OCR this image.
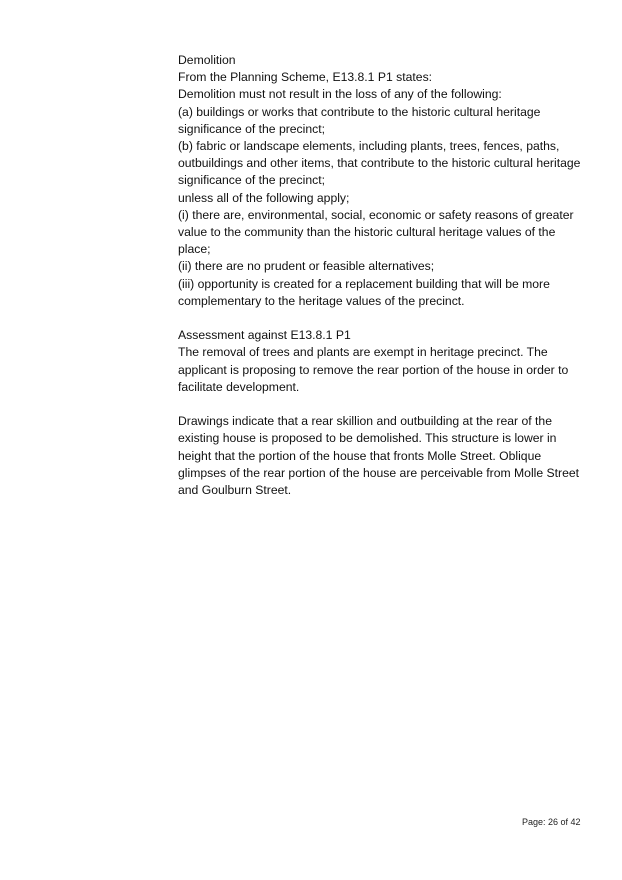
Demolition

From the Planning Scheme, E13.8.1 P1 states:

Demolition must not result in the loss of any of the following:

(a) buildings or works that contribute to the historic cultural heritage significance of the precinct;

(b) fabric or landscape elements, including plants, trees, fences, paths, outbuildings and other items, that contribute to the historic cultural heritage significance of the precinct;

unless all of the following apply;

(i) there are, environmental, social, economic or safety reasons of greater value to the community than the historic cultural heritage values of the place;

(ii) there are no prudent or feasible alternatives;

(iii) opportunity is created for a replacement building that will be more complementary to the heritage values of the precinct.

Assessment against E13.8.1 P1

The removal of trees and plants are exempt in heritage precinct. The applicant is proposing to remove the rear portion of the house in order to facilitate development.

Drawings indicate that a rear skillion and outbuilding at the rear of the existing house is proposed to be demolished. This structure is lower in height that the portion of the house that fronts Molle Street. Oblique glimpses of the rear portion of the house are perceivable from Molle Street and Goulburn Street.

Page: 26 of 42
